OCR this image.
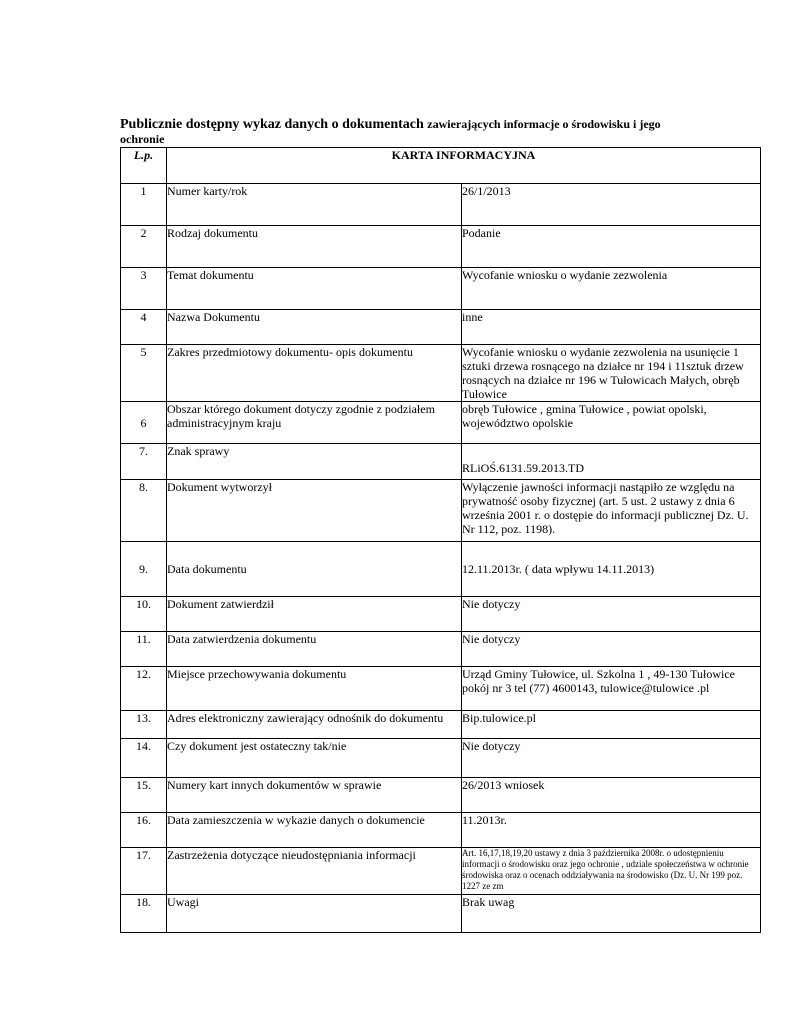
Publicznie dostępny wykaz danych o dokumentach zawierających informacje o środowisku i jego
ochronie
L.p.	KARTA INFORMACYJNA	
1	Numer karty/rok	26/1/2013
2	Rodzaj dokumentu	Podanie
3	Temat dokumentu	Wycofanie wniosku o wydanie zezwolenia
4	Nazwa Dokumentu	inne
5	Zakres przedmiotowy dokumentu- opis dokumentu	Wycofanie wniosku o wydanie zezwolenia na usunięcie 1 sztuki drzewa rosnącego na działce nr 194 i 11sztuk drzew rosnących na działce nr 196 w Tułowicach Małych, obręb Tułowice
6	Obszar którego dokument dotyczy zgodnie z podziałem administracyjnym kraju	obręb Tułowice , gmina Tułowice , powiat opolski, województwo opolskie
7.	Znak sprawy	RLiOŚ.6131.59.2013.TD
8.	Dokument wytworzył	Wyłączenie jawności informacji nastąpiło ze względu na prywatność osoby fizycznej (art. 5 ust. 2 ustawy z dnia 6 września 2001 r. o dostępie do informacji publicznej Dz. U. Nr 112, poz. 1198).
9.	Data dokumentu	12.11.2013r. ( data wpływu 14.11.2013)
10.	Dokument zatwierdził	Nie dotyczy
11.	Data zatwierdzenia dokumentu	Nie dotyczy
12.	Miejsce przechowywania dokumentu	Urząd Gminy Tułowice, ul. Szkolna 1 , 49-130 Tułowice pokój nr 3 tel (77) 4600143, tulowice@tulowice .pl
13.	Adres elektroniczny zawierający odnośnik do dokumentu	Bip.tulowice.pl
14.	Czy dokument jest ostateczny tak/nie	Nie dotyczy
15.	Numery kart innych dokumentów w sprawie	26/2013 wniosek
16.	Data zamieszczenia w wykazie danych o dokumencie	11.2013r.
17.	Zastrzeżenia dotyczące nieudostępniania informacji	Art. 16,17,18,19,20 ustawy z dnia 3 października 2008r. o udostępnieniu informacji o środowisku oraz jego ochronie , udziale społeczeństwa w ochronie środowiska oraz o ocenach oddziaływania na środowisko (Dz. U. Nr 199 poz. 1227 ze zm
18.	Uwagi	Brak uwag
